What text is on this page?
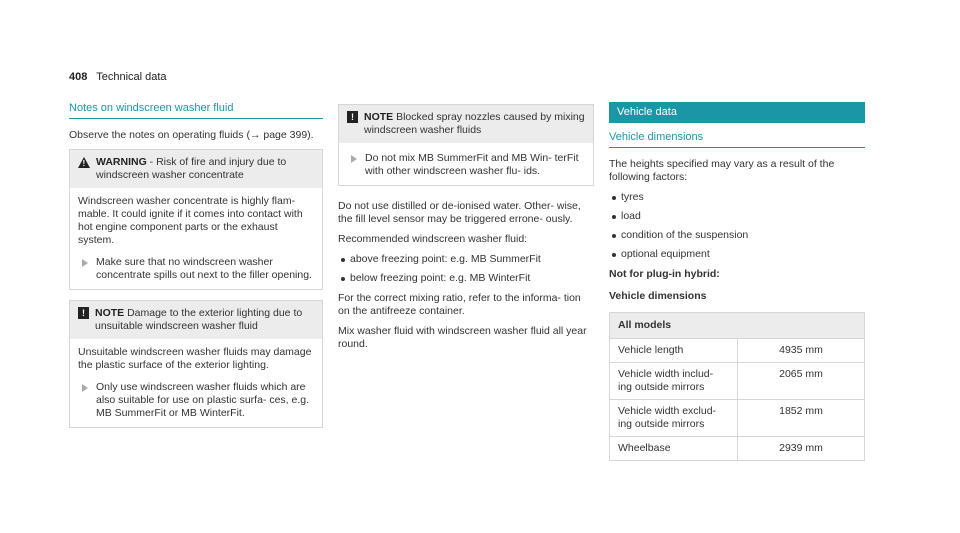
408 Technical data
Notes on windscreen washer fluid

Observe the notes on operating fluids (→ page 399).

! WARNING - Risk of fire and injury due to windscreen washer concentrate
Windscreen washer concentrate is highly flam- mable. It could ignite if it comes into contact with hot engine component parts or the exhaust system.
Make sure that no windscreen washer concentrate spills out next to the filler opening.
! NOTE Damage to the exterior lighting due to unsuitable windscreen washer fluid
Unsuitable windscreen washer fluids may damage the plastic surface of the exterior lighting.
Only use windscreen washer fluids which are also suitable for use on plastic surfa- ces, e.g. MB SummerFit or MB WinterFit.
! NOTE Blocked spray nozzles caused by mixing windscreen washer fluids
Do not mix MB SummerFit and MB Win- terFit with other windscreen washer flu- ids.

Do not use distilled or de-ionised water. Other- wise, the fill level sensor may be triggered errone- ously.

Recommended windscreen washer fluid:

above freezing point: e.g. MB SummerFit
below freezing point: e.g. MB WinterFit

For the correct mixing ratio, refer to the informa- tion on the antifreeze container.

Mix washer fluid with windscreen washer fluid all year round.

Vehicle data
Vehicle dimensions

The heights specified may vary as a result of the following factors:

tyres
load
condition of the suspension
optional equipment
Not for plug-in hybrid:
Vehicle dimensions
All models	
Vehicle length	4935 mm
Vehicle width includ- ing outside mirrors	2065 mm
Vehicle width exclud- ing outside mirrors	1852 mm
Wheelbase	2939 mm
